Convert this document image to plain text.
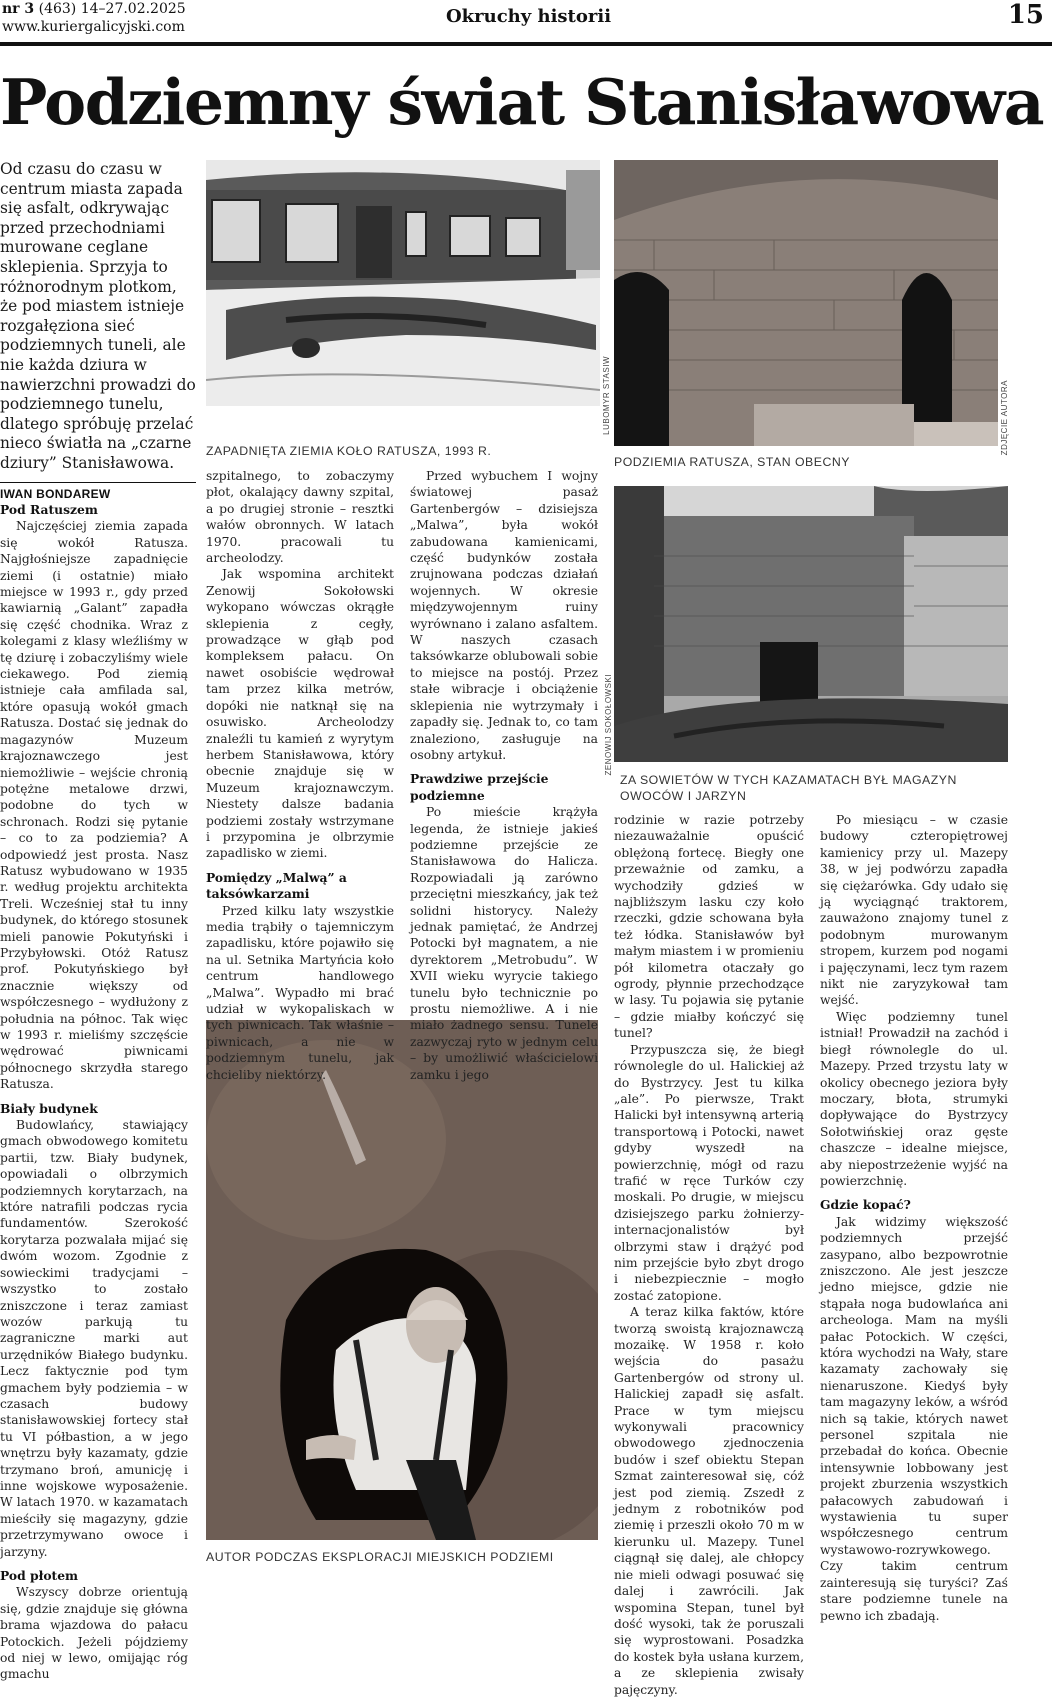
nr 3 (463) 14–27.02.2025
www.kuriergalicyjski.com	Okruchy historii	15
Podziemny świat Stanisławowa
Od czasu do czasu w centrum miasta zapada się asfalt, odkrywając przed przechodniami murowane ceglane sklepienia. Sprzyja to różnorodnym plotkom, że pod miastem istnieje rozgałęziona sieć podziemnych tuneli, ale nie każda dziura w nawierzchni prowadzi do podziemnego tunelu, dlatego spróbuję przelać nieco światła na „czarne dziury” Stanisławowa.
IWAN BONDAREW
LUBOMYR STASIW
ZAPADNIĘTA ZIEMIA KOŁO RATUSZA, 1993 R.	ZDJĘCIE AUTORA
PODZIEMIA RATUSZA, STAN OBECNY
ZENOWIJ SOKOŁOWSKI
ZA SOWIETÓW W TYCH KAZAMATACH BYŁ MAGAZYN OWOCÓW I JARZYN
AUTOR PODCZAS EKSPLORACJI MIEJSKICH PODZIEMI
Pod Ratuszem

Najczęściej ziemia zapada się wokół Ratusza. Najgłośniejsze zapadnięcie ziemi (i ostatnie) miało miejsce w 1993 r., gdy przed kawiarnią „Galant” zapadła się część chodnika. Wraz z kolegami z klasy wleźliśmy w tę dziurę i zobaczyliśmy wiele ciekawego. Pod ziemią istnieje cała amfilada sal, które opasują wokół gmach Ratusza. Dostać się jednak do magazynów Muzeum krajoznawczego jest niemożliwie – wejście chronią potężne metalowe drzwi, podobne do tych w schronach. Rodzi się pytanie – co to za podziemia? A odpowiedź jest prosta. Nasz Ratusz wybudowano w 1935 r. według projektu architekta Treli. Wcześniej stał tu inny budynek, do którego stosunek mieli panowie Pokutyński i Przybyłowski. Otóż Ratusz prof. Pokutyńskiego był znacznie większy od współczesnego – wydłużony z południa na północ. Tak więc w 1993 r. mieliśmy szczęście wędrować piwnicami północnego skrzydła starego Ratusza.

Biały budynek

Budowlańcy, stawiający gmach obwodowego komitetu partii, tzw. Biały budynek, opowiadali o olbrzymich podziemnych korytarzach, na które natrafili podczas rycia fundamentów. Szerokość korytarza pozwalała mijać się dwóm wozom. Zgodnie z sowieckimi tradycjami – wszystko to zostało zniszczone i teraz zamiast wozów parkują tu zagraniczne marki aut urzędników Białego budynku. Lecz faktycznie pod tym gmachem były podziemia – w czasach budowy stanisławowskiej fortecy stał tu VI półbastion, a w jego wnętrzu były kazamaty, gdzie trzymano broń, amunicję i inne wojskowe wyposażenie. W latach 1970. w kazamatach mieściły się magazyny, gdzie przetrzymywano owoce i jarzyny.

Pod płotem

Wszyscy dobrze orientują się, gdzie znajduje się główna brama wjazdowa do pałacu Potockich. Jeżeli pójdziemy od niej w lewo, omijając róg gmachu

szpitalnego, to zobaczymy płot, okalający dawny szpital, a po drugiej stronie – resztki wałów obronnych. W latach 1970. pracowali tu archeolodzy.

Jak wspomina architekt Zenowij Sokołowski wykopano wówczas okrągłe sklepienia z cegły, prowadzące w głąb pod kompleksem pałacu. On nawet osobiście wędrował tam przez kilka metrów, dopóki nie natknął się na osuwisko. Archeolodzy znaleźli tu kamień z wyrytym herbem Stanisławowa, który obecnie znajduje się w Muzeum krajoznawczym. Niestety dalsze badania podziemi zostały wstrzymane i przypomina je olbrzymie zapadlisko w ziemi.

Pomiędzy „Malwą” a taksówkarzami

Przed kilku laty wszystkie media trąbiły o tajemniczym zapadlisku, które pojawiło się na ul. Setnika Martyńcia koło centrum handlowego „Malwa”. Wypadło mi brać udział w wykopaliskach w tych piwnicach. Tak właśnie – piwnicach, a nie w podziemnym tunelu, jak chcieliby niektórzy.

Przed wybuchem I wojny światowej pasaż Gartenbergów – dzisiejsza „Malwa”, była wokół zabudowana kamienicami, część budynków została zrujnowana podczas działań wojennych. W okresie międzywojennym ruiny wyrównano i zalano asfaltem. W naszych czasach taksówkarze oblubowali sobie to miejsce na postój. Przez stałe wibracje i obciążenie sklepienia nie wytrzymały i zapadły się. Jednak to, co tam znaleziono, zasługuje na osobny artykuł.

Prawdziwe przejście podziemne

Po mieście krążyła legenda, że istnieje jakieś podziemne przejście ze Stanisławowa do Halicza. Rozpowiadali ją zarówno przeciętni mieszkańcy, jak też solidni historycy. Należy jednak pamiętać, że Andrzej Potocki był magnatem, a nie dyrektorem „Metrobudu”. W XVII wieku wyrycie takiego tunelu było technicznie po prostu niemożliwe. A i nie miało żadnego sensu. Tunele zazwyczaj ryto w jednym celu – by umożliwić właścicielowi zamku i jego

rodzinie w razie potrzeby niezauważalnie opuścić oblężoną fortecę. Biegły one przeważnie od zamku, a wychodziły gdzieś w najbliższym lasku czy koło rzeczki, gdzie schowana była też łódka. Stanisławów był małym miastem i w promieniu pół kilometra otaczały go ogrody, płynnie przechodzące w lasy. Tu pojawia się pytanie – gdzie miałby kończyć się tunel?

Przypuszcza się, że biegł równolegle do ul. Halickiej aż do Bystrzycy. Jest tu kilka „ale”. Po pierwsze, Trakt Halicki był intensywną arterią transportową i Potocki, nawet gdyby wyszedł na powierzchnię, mógł od razu trafić w ręce Turków czy moskali. Po drugie, w miejscu dzisiejszego parku żołnierzy-internacjonalistów był olbrzymi staw i drążyć pod nim przejście było zbyt drogo i niebezpiecznie – mogło zostać zatopione.

A teraz kilka faktów, które tworzą swoistą krajoznawczą mozaikę. W 1958 r. koło wejścia do pasażu Gartenbergów od strony ul. Halickiej zapadł się asfalt. Prace w tym miejscu wykonywali pracownicy obwodowego zjednoczenia budów i szef obiektu Stepan Szmat zainteresował się, cóż jest pod ziemią. Zszedł z jednym z robotników pod ziemię i przeszli około 70 m w kierunku ul. Mazepy. Tunel ciągnął się dalej, ale chłopcy nie mieli odwagi posuwać się dalej i zawrócili. Jak wspomina Stepan, tunel był dość wysoki, tak że poruszali się wyprostowani. Posadzka do kostek była usłana kurzem, a ze sklepienia zwisały pajęczyny.

Po miesiącu – w czasie budowy czteropiętrowej kamienicy przy ul. Mazepy 38, w jej podwórzu zapadła się ciężarówka. Gdy udało się ją wyciągnąć traktorem, zauważono znajomy tunel z podobnym murowanym stropem, kurzem pod nogami i pajęczynami, lecz tym razem nikt nie zaryzykował tam wejść.

Więc podziemny tunel istniał! Prowadził na zachód i biegł równolegle do ul. Mazepy. Przed trzystu laty w okolicy obecnego jeziora były moczary, błota, strumyki dopływające do Bystrzycy Sołotwińskiej oraz gęste chaszcze – idealne miejsce, aby niepostrzeżenie wyjść na powierzchnię.

Gdzie kopać?

Jak widzimy większość podziemnych przejść zasypano, albo bezpowrotnie zniszczono. Ale jest jeszcze jedno miejsce, gdzie nie stąpała noga budowlańca ani archeologa. Mam na myśli pałac Potockich. W części, która wychodzi na Wały, stare kazamaty zachowały się nienaruszone. Kiedyś były tam magazyny leków, a wśród nich są takie, których nawet personel szpitala nie przebadał do końca. Obecnie intensywnie lobbowany jest projekt zburzenia wszystkich pałacowych zabudowań i wystawienia tu super współczesnego centrum wystawowo-rozrywkowego. Czy takim centrum zainteresują się turyści? Zaś stare podziemne tunele na pewno ich zbadają.
